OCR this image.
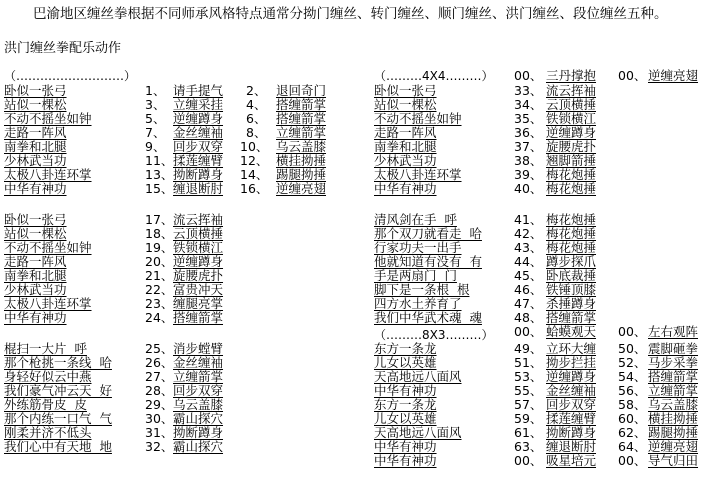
巴渝地区缠丝拳根据不同师承风格特点通常分拗门缠丝、转门缠丝、顺门缠丝、洪门缠丝、段位缠丝五种。
洪门缠丝拳配乐动作
（………………………）
卧似一张弓
站似一棵松
不动不摇坐如钟
走路一阵风
南拳和北腿
少林武当功
太极八卦连环掌
中华有神功
1、 请手提气 2、 退回奇门
3、 立缠采挂 4、 搭缠箭掌
5、 逆缠蹲身 6、 搭缠箭掌
7、 金丝缠袖 8、 立缠箭掌
9、 回步双穿 10、 乌云盖膝
11、 揉莲缠臂 12、 横挂拗捶
13、 拗断蹲身 14、 踢腿拗捶
15、 缠退断肘 16、 逆缠亮翅
卧似一张弓
站似一棵松
不动不摇坐如钟
走路一阵风
南拳和北腿
少林武当功
太极八卦连环掌
中华有神功
17、 流云挥袖
18、 云顶横捶
19、 铁锁横江
20、 逆缠蹲身
21、 旋腰虎扑
22、 富贵冲天
23、 缠腿亮掌
24、 搭缠箭掌
棍扫一大片  呼
那个枪挑一条线  哈
身轻好似云中燕
我们豪气冲云天  好
外练筋骨皮  皮
那个内练一口气  气
刚柔并济不低头
我们心中有天地  地
25、 消步螳臂
26、 金丝缠袖
27、 立缠箭掌
28、 回步双穿
29、 乌云盖膝
30、 霸山探穴
31、 拗断蹲身
32、 霸山探穴
（………4X4………） 00、 三丹撑抱 00、 逆缠亮翅
卧似一张弓
站似一棵松
不动不摇坐如钟
走路一阵风
南拳和北腿
少林武当功
太极八卦连环掌
中华有神功
33、 流云挥袖
34、 云顶横捶
35、 铁锁横江
36、 逆缠蹲身
37、 旋腰虎扑
38、 翘脚箭捶
39、 梅花炮捶
40、 梅花炮捶
清风剑在手  呼
那个双刀就看走  哈
行家功夫一出手
他就知道有没有  有
手是两扇门  门
脚下是一条根  根
四方水土养育了
我们中华武术魂  魂
41、 梅花炮捶
42、 梅花炮捶
43、 梅花炮捶
44、 蹲步探爪
45、 卧底裁捶
46、 铁锤顶膝
47、 杀捶蹲身
48、 搭缠箭掌
00、 蛤蟆观天 00、 左右观阵
（………8X3………）
东方一条龙
儿女以英雄
天高地远八面风
中华有神功
东方一条龙
儿女以英雄
天高地远八面风
中华有神功
中华有神功
49、 立环大缠 50、 震脚砸拳
51、 拗步拦挂 52、 马步采拳
53、 逆缠蹲身 54、 搭缠箭掌
55、 金丝缠袖 56、 立缠箭掌
57、 回步双穿 58、 乌云盖膝
59、 揉莲缠臂 60、 横挂拗捶
61、 拗断蹲身 62、 踢腿拗捶
63、 缠退断肘 64、 逆缠亮翅
00、 吸星培元 00、 导气归田
